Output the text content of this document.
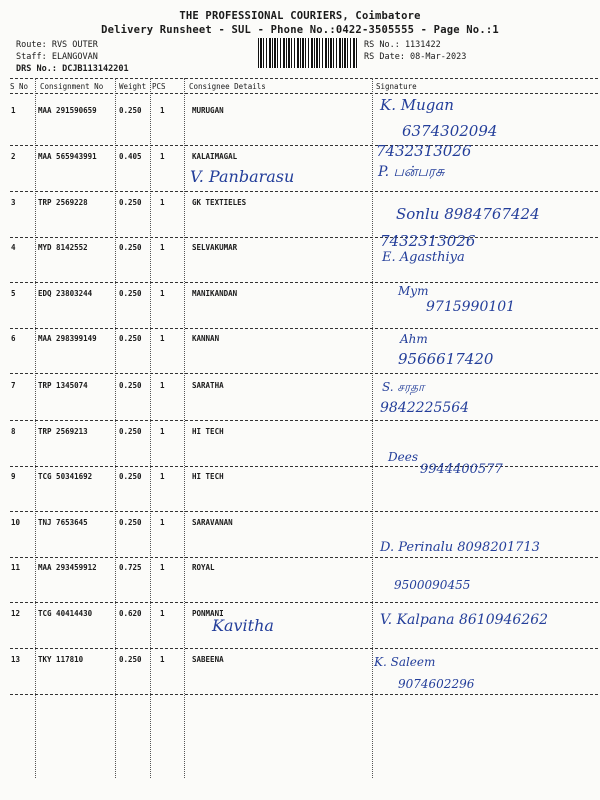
THE PROFESSIONAL COURIERS, Coimbatore
Delivery Runsheet - SUL - Phone No.:0422-3505555 - Page No.:1
Route: RVS OUTER
Staff: ELANGOVAN
DRS No.: DCJB113142201
RS No.: 1131422
RS Date: 08-Mar-2023
S No Consignment No Weight PCS	Consignee Details	Signature
1	MAA 291590659	0.250 1	MURUGAN	K. Mugan
6374302094
2	MAA 565943991	0.405 1	KALAIMAGAL
V. Panbarasu
7432313026
P. பன்பரசு
3	TRP 2569228	0.250 1	GK TEXTIELES
Sonlu 8984767424
4	MYD 8142552	0.250 1	SELVAKUMAR	7432313026
E. Agasthiya
5	EDQ 23803244	0.250 1	MANIKANDAN	Mym
9715990101
6	MAA 298399149	0.250 1	KANNAN	Ahm
9566617420
7	TRP 1345074	0.250 1	SARATHA	S. சரதா
9842225564
8	TRP 2569213	0.250 1	HI TECH
9	TCG 50341692	0.250 1	HI TECH
Dees
9944400577
10 TNJ 7653645	0.250 1	SARAVANAN
11 MAA 293459912	0.725 1	ROYAL
D. Perinalu 8098201713
9500090455
12 TCG 40414430	0.620 1	PONMANI
Kavitha	V. Kalpana 8610946262
13 TKY 117810	0.250 1	SABEENA	K. Saleem
9074602296
